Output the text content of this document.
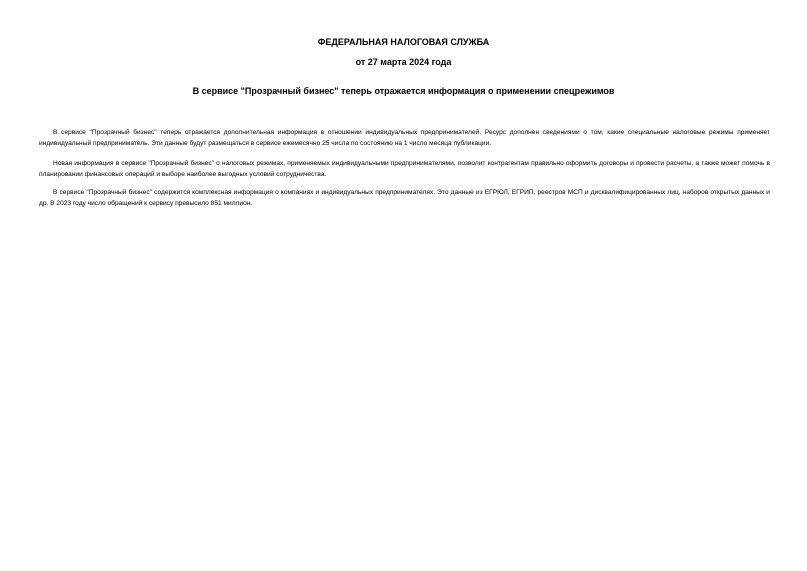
ФЕДЕРАЛЬНАЯ НАЛОГОВАЯ СЛУЖБА
от 27 марта 2024 года
В сервисе "Прозрачный бизнес" теперь отражается информация о применении спецрежимов

В сервисе "Прозрачный бизнес" теперь отражается дополнительная информация в отношении индивидуальных предпринимателей. Ресурс дополнен сведениями о том, какие специальные налоговые режимы применяет индивидуальный предприниматель. Эти данные будут размещаться в сервисе ежемесячно 25 числа по состоянию на 1 число месяца публикации.

Новая информация в сервисе "Прозрачный бизнес" о налоговых режимах, применяемых индивидуальными предпринимателями, позволит контрагентам правильно оформить договоры и провести расчеты, а также может помочь в планировании финансовых операций и выборе наиболее выгодных условий сотрудничества.

В сервисе "Прозрачный бизнес" содержится комплексная информация о компаниях и индивидуальных предпринимателях. Это данные из ЕГРЮЛ, ЕГРИП, реестров МСП и дисквалифицированных лиц, наборов открытых данных и др. В 2023 году число обращений к сервису превысило 851 миллион.
